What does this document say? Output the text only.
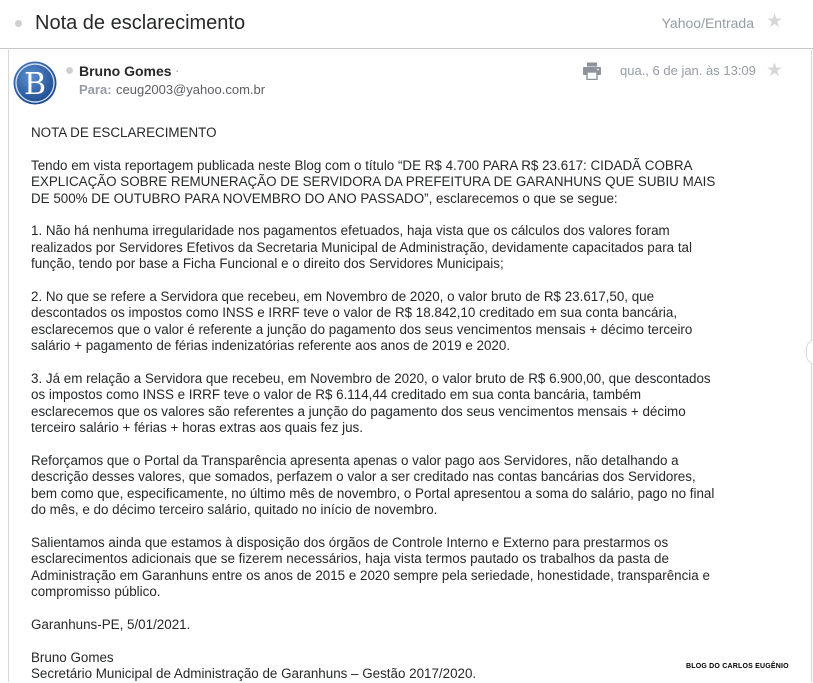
Nota de esclarecimento	Yahoo/Entrada ★
B Bruno Gomes ·
Para: ceug2003@yahoo.com.br
qua., 6 de jan. às 13:09 ★

NOTA DE ESCLARECIMENTO

Tendo em vista reportagem publicada neste Blog com o título “DE R$ 4.700 PARA R$ 23.617: CIDADÃ COBRA
EXPLICAÇÃO SOBRE REMUNERAÇÃO DE SERVIDORA DA PREFEITURA DE GARANHUNS QUE SUBIU MAIS
DE 500% DE OUTUBRO PARA NOVEMBRO DO ANO PASSADO”, esclarecemos o que se segue:

1. Não há nenhuma irregularidade nos pagamentos efetuados, haja vista que os cálculos dos valores foram
realizados por Servidores Efetivos da Secretaria Municipal de Administração, devidamente capacitados para tal
função, tendo por base a Ficha Funcional e o direito dos Servidores Municipais;

2. No que se refere a Servidora que recebeu, em Novembro de 2020, o valor bruto de R$ 23.617,50, que
descontados os impostos como INSS e IRRF teve o valor de R$ 18.842,10 creditado em sua conta bancária,
esclarecemos que o valor é referente a junção do pagamento dos seus vencimentos mensais + décimo terceiro
salário + pagamento de férias indenizatórias referente aos anos de 2019 e 2020.

3. Já em relação a Servidora que recebeu, em Novembro de 2020, o valor bruto de R$ 6.900,00, que descontados
os impostos como INSS e IRRF teve o valor de R$ 6.114,44 creditado em sua conta bancária, também
esclarecemos que os valores são referentes a junção do pagamento dos seus vencimentos mensais + décimo
terceiro salário + férias + horas extras aos quais fez jus.

Reforçamos que o Portal da Transparência apresenta apenas o valor pago aos Servidores, não detalhando a
descrição desses valores, que somados, perfazem o valor a ser creditado nas contas bancárias dos Servidores,
bem como que, especificamente, no último mês de novembro, o Portal apresentou a soma do salário, pago no final
do mês, e do décimo terceiro salário, quitado no início de novembro.

Salientamos ainda que estamos à disposição dos órgãos de Controle Interno e Externo para prestarmos os
esclarecimentos adicionais que se fizerem necessários, haja vista termos pautado os trabalhos da pasta de
Administração em Garanhuns entre os anos de 2015 e 2020 sempre pela seriedade, honestidade, transparência e
compromisso público.

Garanhuns-PE, 5/01/2021.

Bruno Gomes

Secretário Municipal de Administração de Garanhuns – Gestão 2017/2020.	BLOG DO CARLOS EUGÊNIO
